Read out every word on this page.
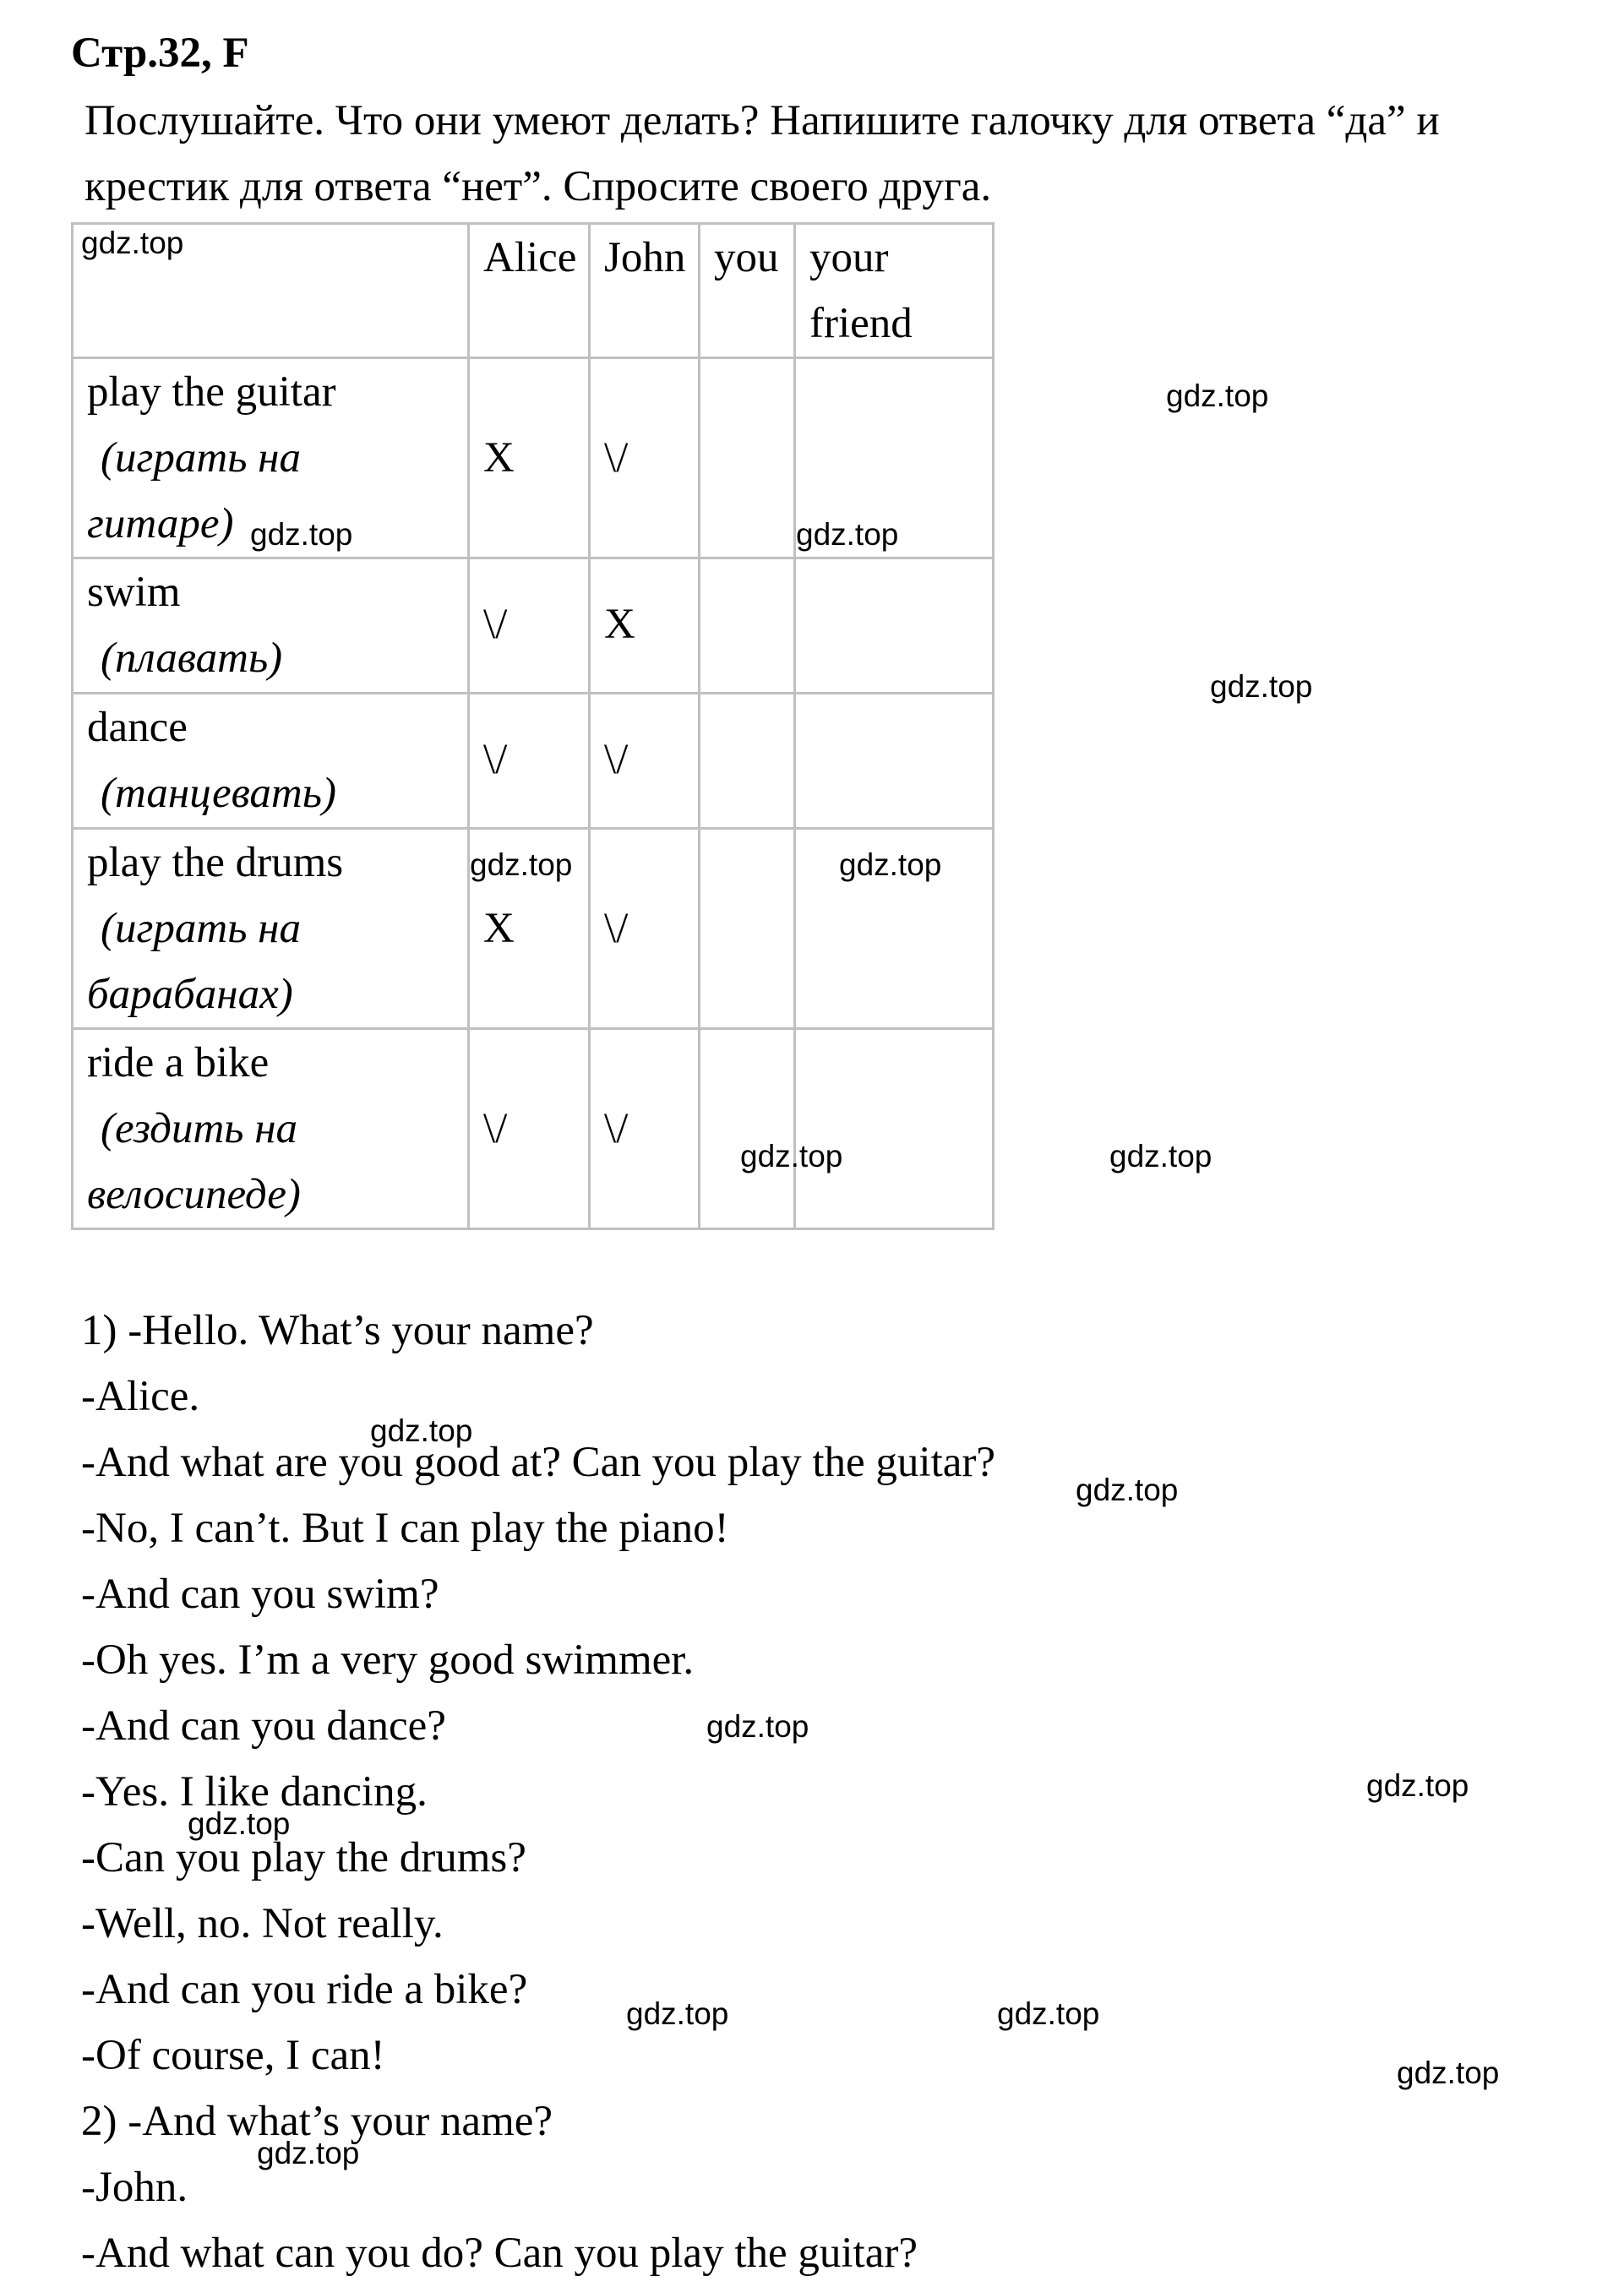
Стр.32, F
Послушайте. Что они умеют делать? Напишите галочку для ответа “да” и крестик для ответа “нет”. Спросите своего друга.
	Alice	John	you	your friend
play the guitar
(играть на
гитаре)	X	\/		
swim
(плавать)	\/	X		
dance
(танцевать)	\/	\/		
play the drums
(играть на
барабанах)	X	\/		
ride a bike
(ездить на
велосипеде)	\/	\/		
1) -Hello. What’s your name?
-Alice.
-And what are you good at? Can you play the guitar?
-No, I can’t. But I can play the piano!
-And can you swim?
-Oh yes. I’m a very good swimmer.
-And can you dance?
-Yes. I like dancing.
-Can you play the drums?
-Well, no. Not really.
-And can you ride a bike?
-Of course, I can!
2) -And what’s your name?
-John.
-And what can you do? Can you play the guitar?
gdz.top
gdz.top
gdz.top	gdz.top
gdz.top
gdz.top	gdz.top
gdz.top	gdz.top
gdz.top
gdz.top
gdz.top
gdz.top
gdz.top
gdz.top	gdz.top
gdz.top
gdz.top
